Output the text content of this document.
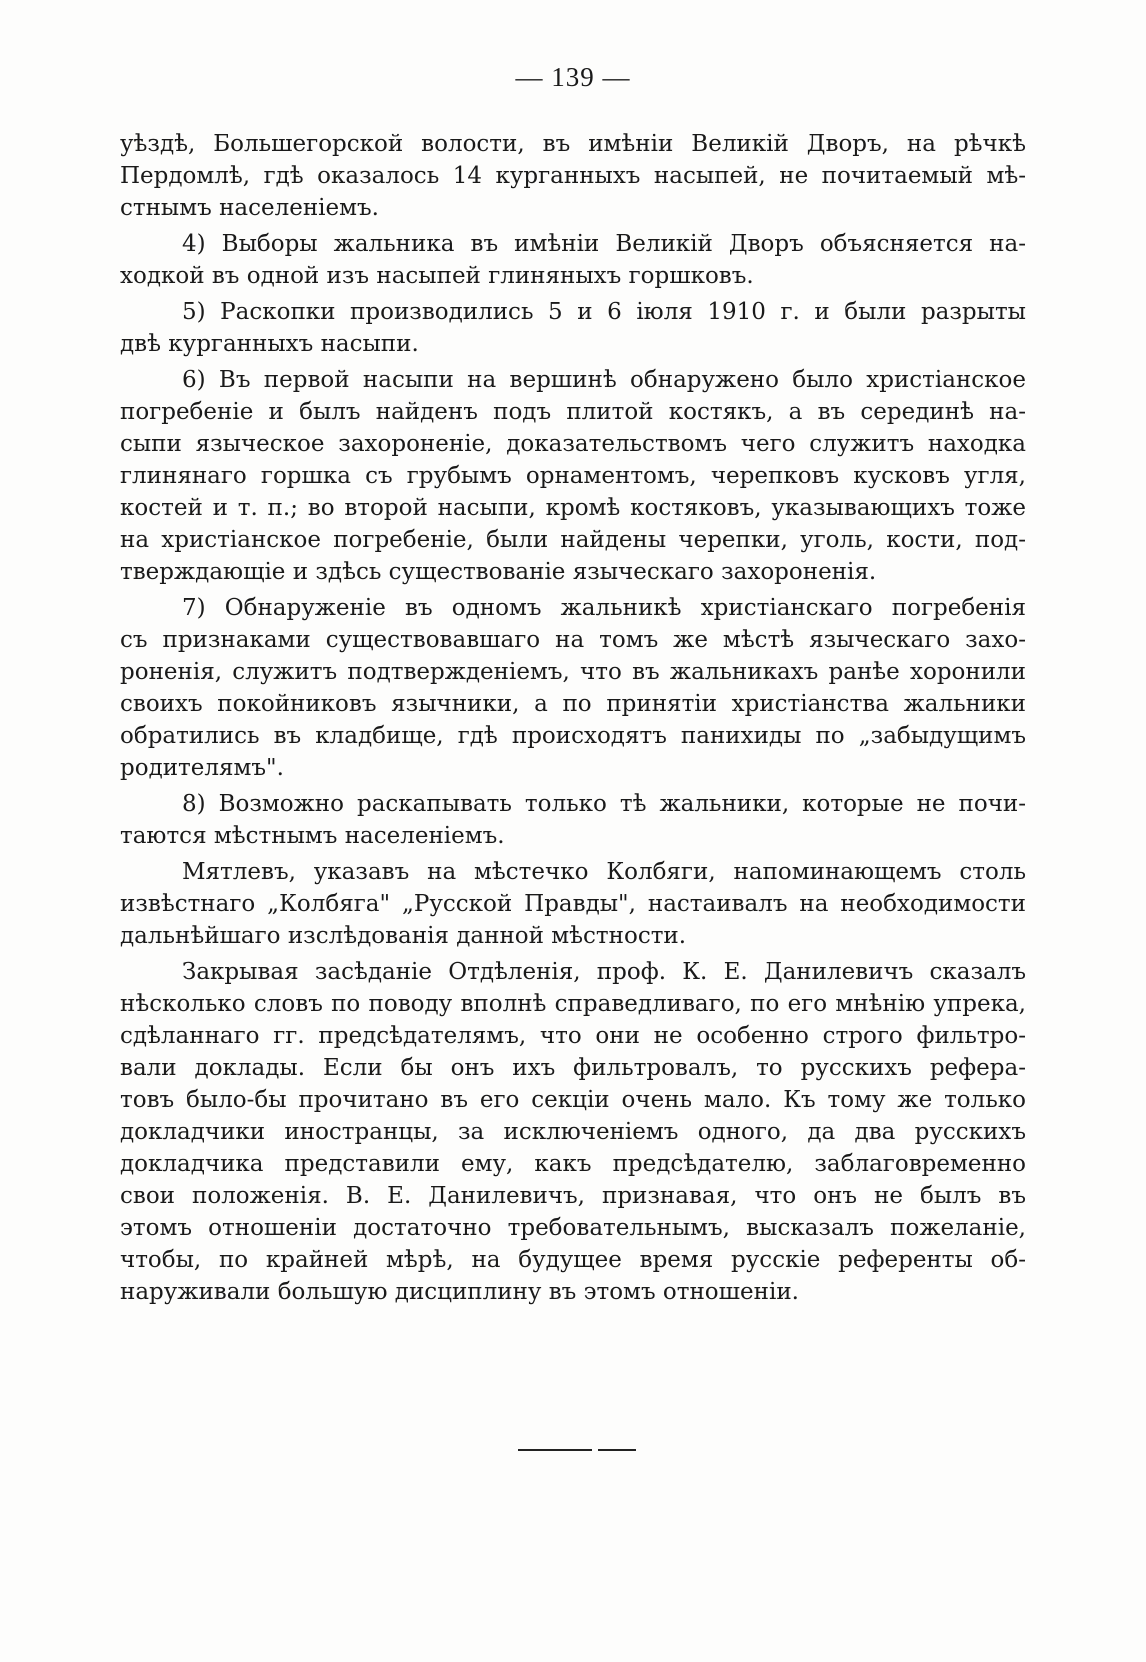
— 139 —
уѣздѣ, Большегорской волости, въ имѣніи Великій Дворъ, на рѣчкѣ
Пердомлѣ, гдѣ оказалось 14 курганныхъ насыпей, не почитаемый мѣ-
стнымъ населеніемъ.
4) Выборы жальника въ имѣніи Великій Дворъ объясняется на-
ходкой въ одной изъ насыпей глиняныхъ горшковъ.
5) Раскопки производились 5 и 6 іюля 1910 г. и были разрыты
двѣ курганныхъ насыпи.
6) Въ первой насыпи на вершинѣ обнаружено было христіанское
погребеніе и былъ найденъ подъ плитой костякъ, а въ серединѣ на-
сыпи языческое захороненіе, доказательствомъ чего служитъ находка
глинянаго горшка съ грубымъ орнаментомъ, черепковъ кусковъ угля,
костей и т. п.; во второй насыпи, кромѣ костяковъ, указывающихъ тоже
на христіанское погребеніе, были найдены черепки, уголь, кости, под-
тверждающіе и здѣсь существованіе языческаго захороненія.
7) Обнаруженіе въ одномъ жальникѣ христіанскаго погребенія
съ признаками существовавшаго на томъ же мѣстѣ языческаго захо-
роненія, служитъ подтвержденіемъ, что въ жальникахъ ранѣе хоронили
своихъ покойниковъ язычники, а по принятіи христіанства жальники
обратились въ кладбище, гдѣ происходятъ панихиды по „забыдущимъ
родителямъ".
8) Возможно раскапывать только тѣ жальники, которые не почи-
таются мѣстнымъ населеніемъ.
Мятлевъ, указавъ на мѣстечко Колбяги, напоминающемъ столь
извѣстнаго „Колбяга" „Русской Правды", настаивалъ на необходимости
дальнѣйшаго изслѣдованія данной мѣстности.
Закрывая засѣданіе Отдѣленія, проф. К. Е. Данилевичъ сказалъ
нѣсколько словъ по поводу вполнѣ справедливаго, по его мнѣнію упрека,
сдѣланнаго гг. предсѣдателямъ, что они не особенно строго фильтро-
вали доклады. Если бы онъ ихъ фильтровалъ, то русскихъ рефера-
товъ было-бы прочитано въ его секціи очень мало. Къ тому же только
докладчики иностранцы, за исключеніемъ одного, да два русскихъ
докладчика представили ему, какъ предсѣдателю, заблаговременно
свои положенія. В. Е. Данилевичъ, признавая, что онъ не былъ въ
этомъ отношеніи достаточно требовательнымъ, высказалъ пожеланіе,
чтобы, по крайней мѣрѣ, на будущее время русскіе референты об-
наруживали большую дисциплину въ этомъ отношеніи.
